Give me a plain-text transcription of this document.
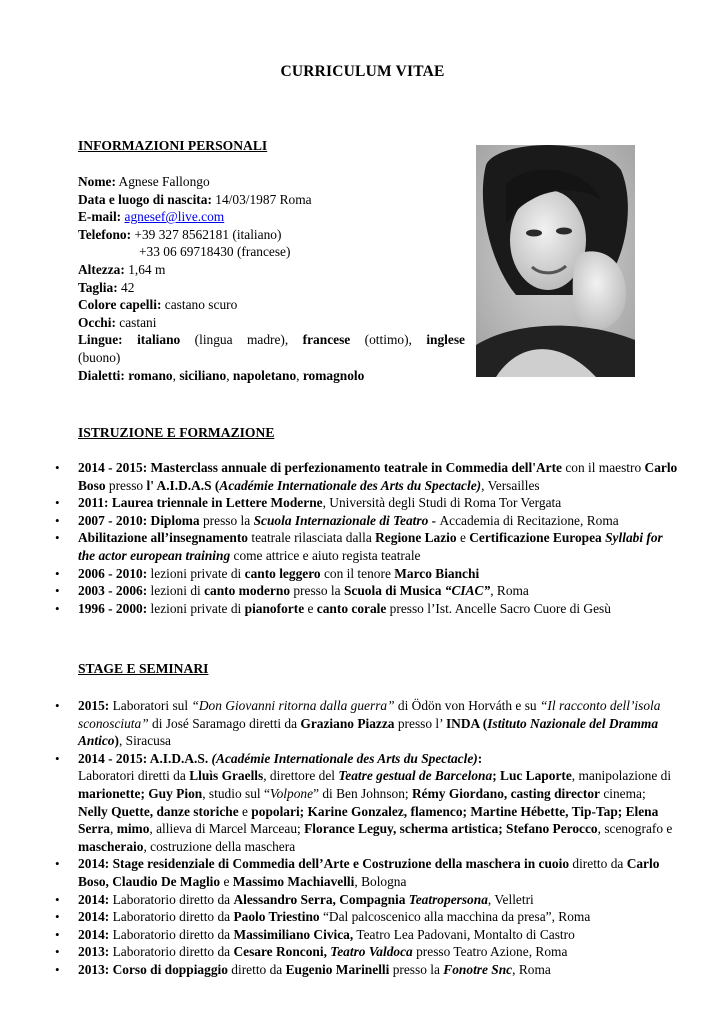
CURRICULUM VITAE
INFORMAZIONI PERSONALI
Nome: Agnese Fallongo
Data e luogo di nascita: 14/03/1987 Roma
E-mail: agnesef@live.com
Telefono: +39 327 8562181 (italiano)
+33 06 69718430 (francese)
Altezza: 1,64 m
Taglia: 42
Colore capelli: castano scuro
Occhi: castani
Lingue: italiano (lingua madre), francese (ottimo), inglese
(buono)
Dialetti: romano, siciliano, napoletano, romagnolo
ISTRUZIONE E FORMAZIONE
• 2014 - 2015: Masterclass annuale di perfezionamento teatrale in Commedia dell'Arte con il maestro Carlo Boso presso l' A.I.D.A.S (Académie Internationale des Arts du Spectacle), Versailles
• 2011: Laurea triennale in Lettere Moderne, Università degli Studi di Roma Tor Vergata
• 2007 - 2010: Diploma presso la Scuola Internazionale di Teatro - Accademia di Recitazione, Roma
• Abilitazione all’insegnamento teatrale rilasciata dalla Regione Lazio e Certificazione Europea Syllabi for the actor european training come attrice e aiuto regista teatrale
• 2006 - 2010: lezioni private di canto leggero con il tenore Marco Bianchi
• 2003 - 2006: lezioni di canto moderno presso la Scuola di Musica “CIAC”, Roma
• 1996 - 2000: lezioni private di pianoforte e canto corale presso l’Ist. Ancelle Sacro Cuore di Gesù
STAGE E SEMINARI
• 2015: Laboratori sul “Don Giovanni ritorna dalla guerra” di Ödön von Horváth e su “Il racconto dell’isola sconosciuta” di José Saramago diretti da Graziano Piazza presso l’ INDA (Istituto Nazionale del Dramma Antico), Siracusa
• 2014 - 2015: A.I.D.A.S. (Académie Internationale des Arts du Spectacle):
Laboratori diretti da Lluìs Graells, direttore del Teatre gestual de Barcelona; Luc Laporte, manipolazione di marionette; Guy Pion, studio sul “Volpone” di Ben Johnson; Rémy Giordano, casting director cinema; Nelly Quette, danze storiche e popolari; Karine Gonzalez, flamenco; Martine Hébette, Tip-Tap; Elena Serra, mimo, allieva di Marcel Marceau; Florance Leguy, scherma artistica; Stefano Perocco, scenografo e mascheraio, costruzione della maschera
• 2014: Stage residenziale di Commedia dell’Arte e Costruzione della maschera in cuoio diretto da Carlo Boso, Claudio De Maglio e Massimo Machiavelli, Bologna
• 2014: Laboratorio diretto da Alessandro Serra, Compagnia Teatropersona, Velletri
• 2014: Laboratorio diretto da Paolo Triestino “Dal palcoscenico alla macchina da presa”, Roma
• 2014: Laboratorio diretto da Massimiliano Civica, Teatro Lea Padovani, Montalto di Castro
• 2013: Laboratorio diretto da Cesare Ronconi, Teatro Valdoca presso Teatro Azione, Roma
• 2013: Corso di doppiaggio diretto da Eugenio Marinelli presso la Fonotre Snc, Roma
